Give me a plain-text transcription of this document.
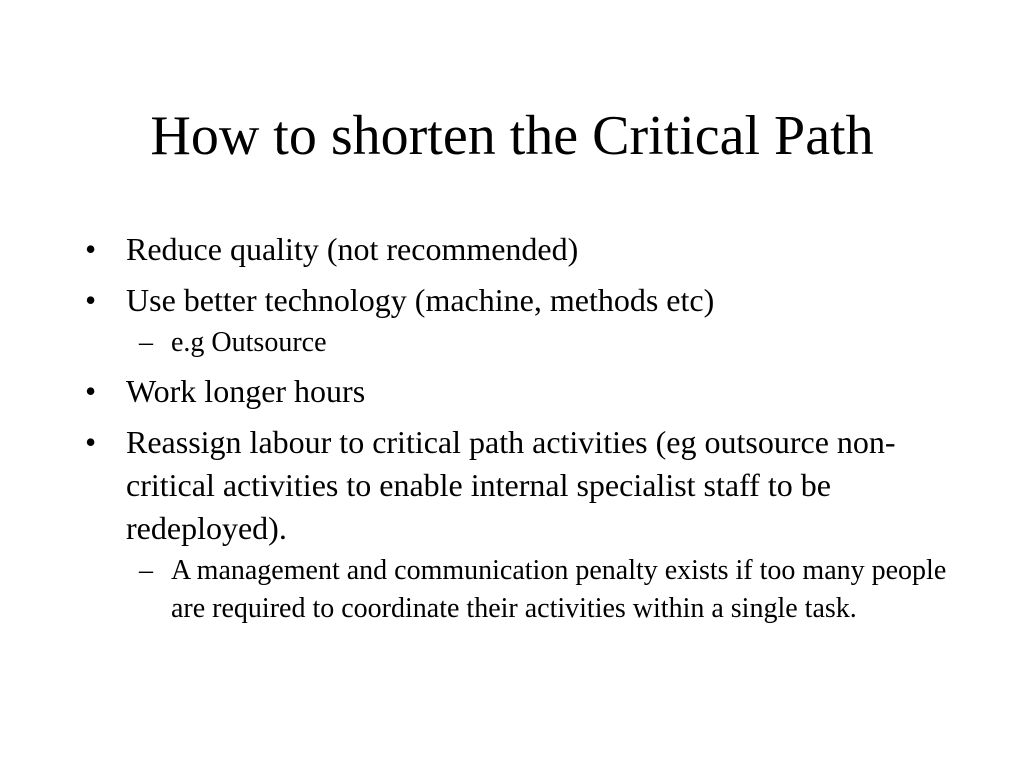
How to shorten the Critical Path
• Reduce quality (not recommended)
• Use better technology (machine, methods etc)
– e.g Outsource
• Work longer hours
• Reassign labour to critical path activities (eg outsource non-critical activities to enable internal specialist staff to be redeployed).
– A management and communication penalty exists if too many people are required to coordinate their activities within a single task.
